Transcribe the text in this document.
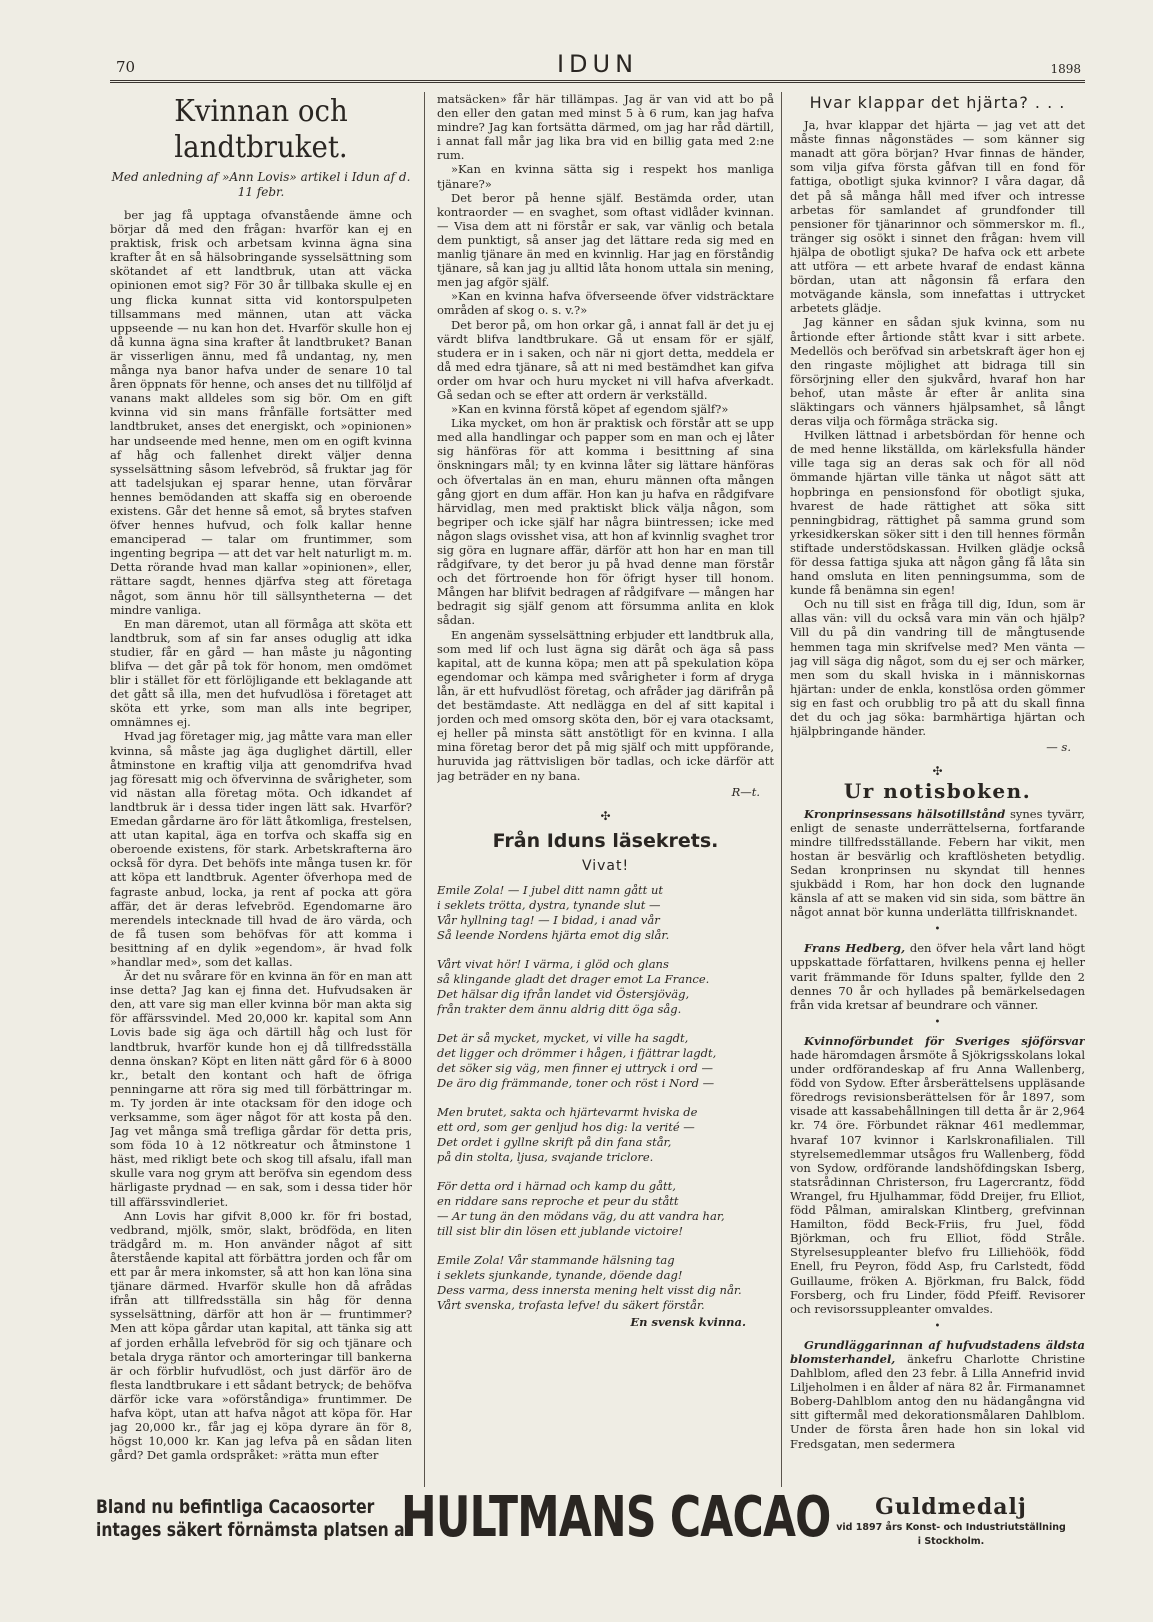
70	IDUN	1898
Kvinnan och landtbruket.
Med anledning af »Ann Lovis» artikel i Idun af d. 11 febr.

ber jag få upptaga ofvanstående ämne och börjar då med den frågan: hvarför kan ej en praktisk, frisk och arbetsam kvinna ägna sina krafter åt en så hälsobringande sysselsättning som skötandet af ett landtbruk, utan att väcka opinionen emot sig? För 30 år tillbaka skulle ej en ung flicka kunnat sitta vid kontorspulpeten tillsammans med männen, utan att väcka uppseende — nu kan hon det. Hvarför skulle hon ej då kunna ägna sina krafter åt landtbruket? Banan är visserligen ännu, med få undantag, ny, men många nya banor hafva under de senare 10 tal åren öppnats för henne, och anses det nu tillföljd af vanans makt alldeles som sig bör. Om en gift kvinna vid sin mans frånfälle fortsätter med landtbruket, anses det energiskt, och »opinionen» har undseende med henne, men om en ogift kvinna af håg och fallenhet direkt väljer denna sysselsättning såsom lefvebröd, så fruktar jag för att tadelsjukan ej sparar henne, utan förvårar hennes bemödanden att skaffa sig en oberoende existens. Går det henne så emot, så brytes stafven öfver hennes hufvud, och folk kallar henne emanciperad — talar om fruntimmer, som ingenting begripa — att det var helt naturligt m. m. Detta rörande hvad man kallar »opinionen», eller, rättare sagdt, hennes djärfva steg att företaga något, som ännu hör till sällsyntheterna — det mindre vanliga.

En man däremot, utan all förmåga att sköta ett landtbruk, som af sin far anses oduglig att idka studier, får en gård — han måste ju någonting blifva — det går på tok för honom, men omdömet blir i stället för ett förlöjligande ett beklagande att det gått så illa, men det hufvudlösa i företaget att sköta ett yrke, som man alls inte begriper, omnämnes ej.

Hvad jag företager mig, jag måtte vara man eller kvinna, så måste jag äga duglighet därtill, eller åtminstone en kraftig vilja att genomdrifva hvad jag föresatt mig och öfvervinna de svårigheter, som vid nästan alla företag möta. Och idkandet af landtbruk är i dessa tider ingen lätt sak. Hvarför? Emedan gårdarne äro för lätt åtkomliga, frestelsen, att utan kapital, äga en torfva och skaffa sig en oberoende existens, för stark. Arbetskrafterna äro också för dyra. Det behöfs inte många tusen kr. för att köpa ett landtbruk. Agenter öfverhopa med de fagraste anbud, locka, ja rent af pocka att göra affär, det är deras lefvebröd. Egendomarne äro merendels intecknade till hvad de äro värda, och de få tusen som behöfvas för att komma i besittning af en dylik »egendom», är hvad folk »handlar med», som det kallas.

Är det nu svårare för en kvinna än för en man att inse detta? Jag kan ej finna det. Hufvudsaken är den, att vare sig man eller kvinna bör man akta sig för affärssvindel. Med 20,000 kr. kapital som Ann Lovis bade sig äga och därtill håg och lust för landtbruk, hvarför kunde hon ej då tillfredsställa denna önskan? Köpt en liten nätt gård för 6 à 8000 kr., betalt den kontant och haft de öfriga penningarne att röra sig med till förbättringar m. m. Ty jorden är inte otacksam för den idoge och verksamme, som äger något för att kosta på den. Jag vet många små trefliga gårdar för detta pris, som föda 10 à 12 nötkreatur och åtminstone 1 häst, med rikligt bete och skog till afsalu, ifall man skulle vara nog grym att beröfva sin egendom dess härligaste prydnad — en sak, som i dessa tider hör till affärssvindleriet.

Ann Lovis har gifvit 8,000 kr. för fri bostad, vedbrand, mjölk, smör, slakt, brödföda, en liten trädgård m. m. Hon använder något af sitt återstående kapital att förbättra jorden och får om ett par år mera inkomster, så att hon kan löna sina tjänare därmed. Hvarför skulle hon då afrådas ifrån att tillfredsställa sin håg för denna sysselsättning, därför att hon är — fruntimmer? Men att köpa gårdar utan kapital, att tänka sig att af jorden erhålla lefvebröd för sig och tjänare och betala dryga räntor och amorteringar till bankerna är och förblir hufvudlöst, och just därför äro de flesta landtbrukare i ett sådant betryck; de behöfva därför icke vara »oförståndiga» fruntimmer. De hafva köpt, utan att hafva något att köpa för. Har jag 20,000 kr., får jag ej köpa dyrare än för 8, högst 10,000 kr. Kan jag lefva på en sådan liten gård? Det gamla ordspråket: »rätta mun efter

matsäcken» får här tillämpas. Jag är van vid att bo på den eller den gatan med minst 5 à 6 rum, kan jag hafva mindre? Jag kan fortsätta därmed, om jag har råd därtill, i annat fall mår jag lika bra vid en billig gata med 2:ne rum.

»Kan en kvinna sätta sig i respekt hos manliga tjänare?»

Det beror på henne själf. Bestämda order, utan kontraorder — en svaghet, som oftast vidlåder kvinnan. — Visa dem att ni förstår er sak, var vänlig och betala dem punktigt, så anser jag det lättare reda sig med en manlig tjänare än med en kvinnlig. Har jag en förståndig tjänare, så kan jag ju alltid låta honom uttala sin mening, men jag afgör själf.

»Kan en kvinna hafva öfverseende öfver vidsträcktare områden af skog o. s. v.?»

Det beror på, om hon orkar gå, i annat fall är det ju ej värdt blifva landtbrukare. Gå ut ensam för er själf, studera er in i saken, och när ni gjort detta, meddela er då med edra tjänare, så att ni med bestämdhet kan gifva order om hvar och huru mycket ni vill hafva afverkadt. Gå sedan och se efter att ordern är verkställd.

»Kan en kvinna förstå köpet af egendom själf?»

Lika mycket, om hon är praktisk och förstår att se upp med alla handlingar och papper som en man och ej låter sig hänföras för att komma i besittning af sina önskningars mål; ty en kvinna låter sig lättare hänföras och öfvertalas än en man, ehuru männen ofta mången gång gjort en dum affär. Hon kan ju hafva en rådgifvare härvidlag, men med praktiskt blick välja någon, som begriper och icke själf har några biintressen; icke med någon slags ovisshet visa, att hon af kvinnlig svaghet tror sig göra en lugnare affär, därför att hon har en man till rådgifvare, ty det beror ju på hvad denne man förstår och det förtroende hon för öfrigt hyser till honom. Mången har blifvit bedragen af rådgifvare — mången har bedragit sig själf genom att försumma anlita en klok sådan.

En angenäm sysselsättning erbjuder ett landtbruk alla, som med lif och lust ägna sig däråt och äga så pass kapital, att de kunna köpa; men att på spekulation köpa egendomar och kämpa med svårigheter i form af dryga lån, är ett hufvudlöst företag, och afråder jag därifrån på det bestämdaste. Att nedlägga en del af sitt kapital i jorden och med omsorg sköta den, bör ej vara otacksamt, ej heller på minsta sätt anstötligt för en kvinna. I alla mina företag beror det på mig själf och mitt uppförande, huruvida jag rättvisligen bör tadlas, och icke därför att jag beträder en ny bana.

R—t.
✣
Från Iduns läsekrets.
Vivat!
Emile Zola! — I jubel ditt namn gått ut
i seklets trötta, dystra, tynande slut —
Vår hyllning tag! — I bidad, i anad vår
Så leende Nordens hjärta emot dig slår.
Vårt vivat hör! I värma, i glöd och glans
så klingande gladt det drager emot La France.
Det hälsar dig ifrån landet vid Östersjöväg,
från trakter dem ännu aldrig ditt öga såg.
Det är så mycket, mycket, vi ville ha sagdt,
det ligger och drömmer i hågen, i fjättrar lagdt,
det söker sig väg, men finner ej uttryck i ord —
De äro dig främmande, toner och röst i Nord —
Men brutet, sakta och hjärtevarmt hviska de
ett ord, som ger genljud hos dig: la verité —
Det ordet i gyllne skrift på din fana står,
på din stolta, ljusa, svajande triclore.
För detta ord i härnad och kamp du gått,
en riddare sans reproche et peur du stått
— Ar tung än den mödans väg, du att vandra har,
till sist blir din lösen ett jublande victoire!
Emile Zola! Vår stammande hälsning tag
i seklets sjunkande, tynande, döende dag!
Dess varma, dess innersta mening helt visst dig når.
Vårt svenska, trofasta lefve! du säkert förstår.
En svensk kvinna.
Hvar klappar det hjärta? . . .

Ja, hvar klappar det hjärta — jag vet att det måste finnas någonstädes — som känner sig manadt att göra början? Hvar finnas de händer, som vilja gifva första gåfvan till en fond för fattiga, obotligt sjuka kvinnor? I våra dagar, då det på så många håll med ifver och intresse arbetas för samlandet af grundfonder till pensioner för tjänarinnor och sömmerskor m. fl., tränger sig osökt i sinnet den frågan: hvem vill hjälpa de obotligt sjuka? De hafva ock ett arbete att utföra — ett arbete hvaraf de endast känna bördan, utan att någonsin få erfara den motvägande känsla, som innefattas i uttrycket arbetets glädje.

Jag känner en sådan sjuk kvinna, som nu årtionde efter årtionde stått kvar i sitt arbete. Medellös och beröfvad sin arbetskraft äger hon ej den ringaste möjlighet att bidraga till sin försörjning eller den sjukvård, hvaraf hon har behof, utan måste år efter år anlita sina släktingars och vänners hjälpsamhet, så långt deras vilja och förmåga sträcka sig.

Hvilken lättnad i arbetsbördan för henne och de med henne likställda, om kärleksfulla händer ville taga sig an deras sak och för all nöd ömmande hjärtan ville tänka ut något sätt att hopbringa en pensionsfond för obotligt sjuka, hvarest de hade rättighet att söka sitt penningbidrag, rättighet på samma grund som yrkesidkerskan söker sitt i den till hennes förmån stiftade understödskassan. Hvilken glädje också för dessa fattiga sjuka att någon gång få låta sin hand omsluta en liten penningsumma, som de kunde få benämna sin egen!

Och nu till sist en fråga till dig, Idun, som är allas vän: vill du också vara min vän och hjälp? Vill du på din vandring till de mångtusende hemmen taga min skrifvelse med? Men vänta — jag vill säga dig något, som du ej ser och märker, men som du skall hviska in i människornas hjärtan: under de enkla, konstlösa orden gömmer sig en fast och orubblig tro på att du skall finna det du och jag söka: barmhärtiga hjärtan och hjälpbringande händer.

— s.
✣
Ur notisboken.

Kronprinsessans hälsotillstånd synes tyvärr, enligt de senaste underrättelserna, fortfarande mindre tillfredsställande. Febern har vikit, men hostan är besvärlig och kraftlösheten betydlig. Sedan kronprinsen nu skyndat till hennes sjukbädd i Rom, har hon dock den lugnande känsla af att se maken vid sin sida, som bättre än något annat bör kunna underlätta tillfrisknandet.

•

Frans Hedberg, den öfver hela vårt land högt uppskattade författaren, hvilkens penna ej heller varit främmande för Iduns spalter, fyllde den 2 dennes 70 år och hyllades på bemärkelsedagen från vida kretsar af beundrare och vänner.

•

Kvinnoförbundet för Sveriges sjöförsvar hade häromdagen årsmöte å Sjökrigsskolans lokal under ordförandeskap af fru Anna Wallenberg, född von Sydow. Efter årsberättelsens uppläsande föredrogs revisionsberättelsen för år 1897, som visade att kassabehållningen till detta år är 2,964 kr. 74 öre. Förbundet räknar 461 medlemmar, hvaraf 107 kvinnor i Karlskronafilialen. Till styrelsemedlemmar utsågos fru Wallenberg, född von Sydow, ordförande landshöfdingskan Isberg, statsrådinnan Christerson, fru Lagercrantz, född Wrangel, fru Hjulhammar, född Dreijer, fru Elliot, född Pålman, amiralskan Klintberg, grefvinnan Hamilton, född Beck-Friis, fru Juel, född Björkman, och fru Elliot, född Stråle. Styrelsesuppleanter blefvo fru Lilliehöök, född Enell, fru Peyron, född Asp, fru Carlstedt, född Guillaume, fröken A. Björkman, fru Balck, född Forsberg, och fru Linder, född Pfeiff. Revisorer och revisorssuppleanter omvaldes.

•

Grundläggarinnan af hufvudstadens äldsta blomsterhandel, änkefru Charlotte Christine Dahlblom, afled den 23 febr. å Lilla Annefrid invid Liljeholmen i en ålder af nära 82 år. Firmanamnet Boberg-Dahlblom antog den nu hädangångna vid sitt giftermål med dekorationsmålaren Dahlblom. Under de första åren hade hon sin lokal vid Fredsgatan, men sedermera

Bland nu befintliga Cacaosorter
intages säkert förnämsta platsen af
HULTMANS CACAO	Guldmedalj
vid 1897 års Konst- och Industriutställning
i Stockholm.
